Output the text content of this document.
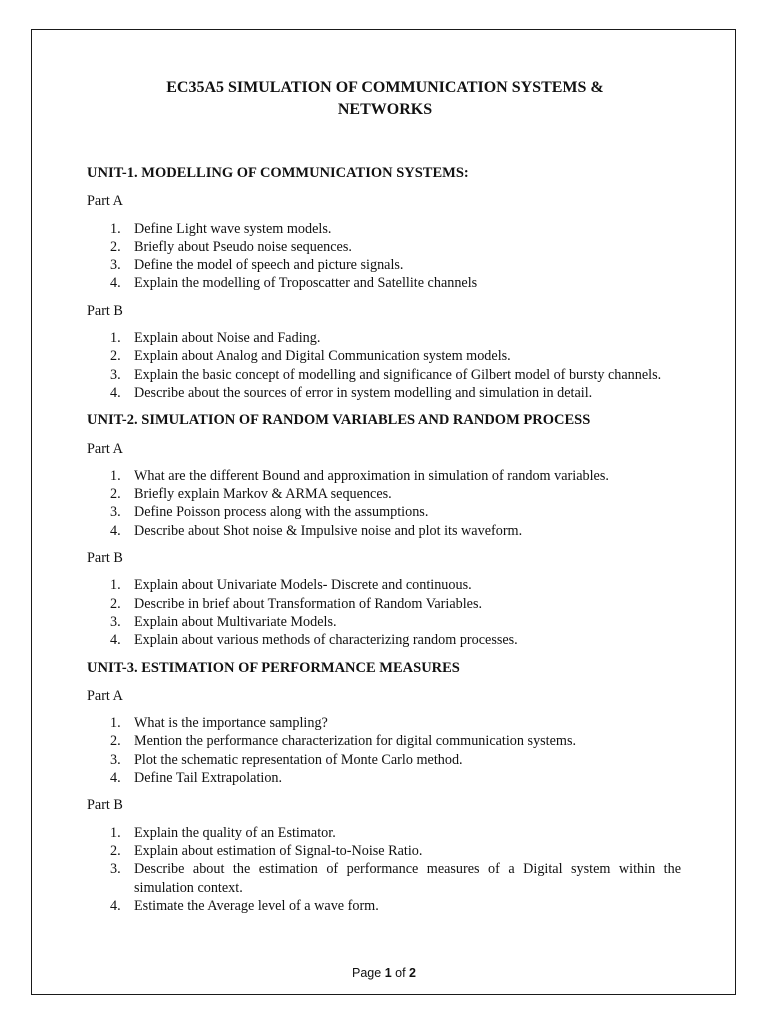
EC35A5 SIMULATION OF COMMUNICATION SYSTEMS &
NETWORKS
UNIT-1. MODELLING OF COMMUNICATION SYSTEMS:
Part A
1. Define Light wave system models.
2. Briefly about Pseudo noise sequences.
3. Define the model of speech and picture signals.
4. Explain the modelling of Troposcatter and Satellite channels
Part B
1. Explain about Noise and Fading.
2. Explain about Analog and Digital Communication system models.
3. Explain the basic concept of modelling and significance of Gilbert model of bursty channels.
4. Describe about the sources of error in system modelling and simulation in detail.
UNIT-2. SIMULATION OF RANDOM VARIABLES AND RANDOM PROCESS
Part A
1. What are the different Bound and approximation in simulation of random variables.
2. Briefly explain Markov & ARMA sequences.
3. Define Poisson process along with the assumptions.
4. Describe about Shot noise & Impulsive noise and plot its waveform.
Part B
1. Explain about Univariate Models- Discrete and continuous.
2. Describe in brief about Transformation of Random Variables.
3. Explain about Multivariate Models.
4. Explain about various methods of characterizing random processes.
UNIT-3. ESTIMATION OF PERFORMANCE MEASURES
Part A
1. What is the importance sampling?
2. Mention the performance characterization for digital communication systems.
3. Plot the schematic representation of Monte Carlo method.
4. Define Tail Extrapolation.
Part B
1. Explain the quality of an Estimator.
2. Explain about estimation of Signal-to-Noise Ratio.
3. Describe about the estimation of performance measures of a Digital system within the simulation context.
4. Estimate the Average level of a wave form.
Page 1 of 2
